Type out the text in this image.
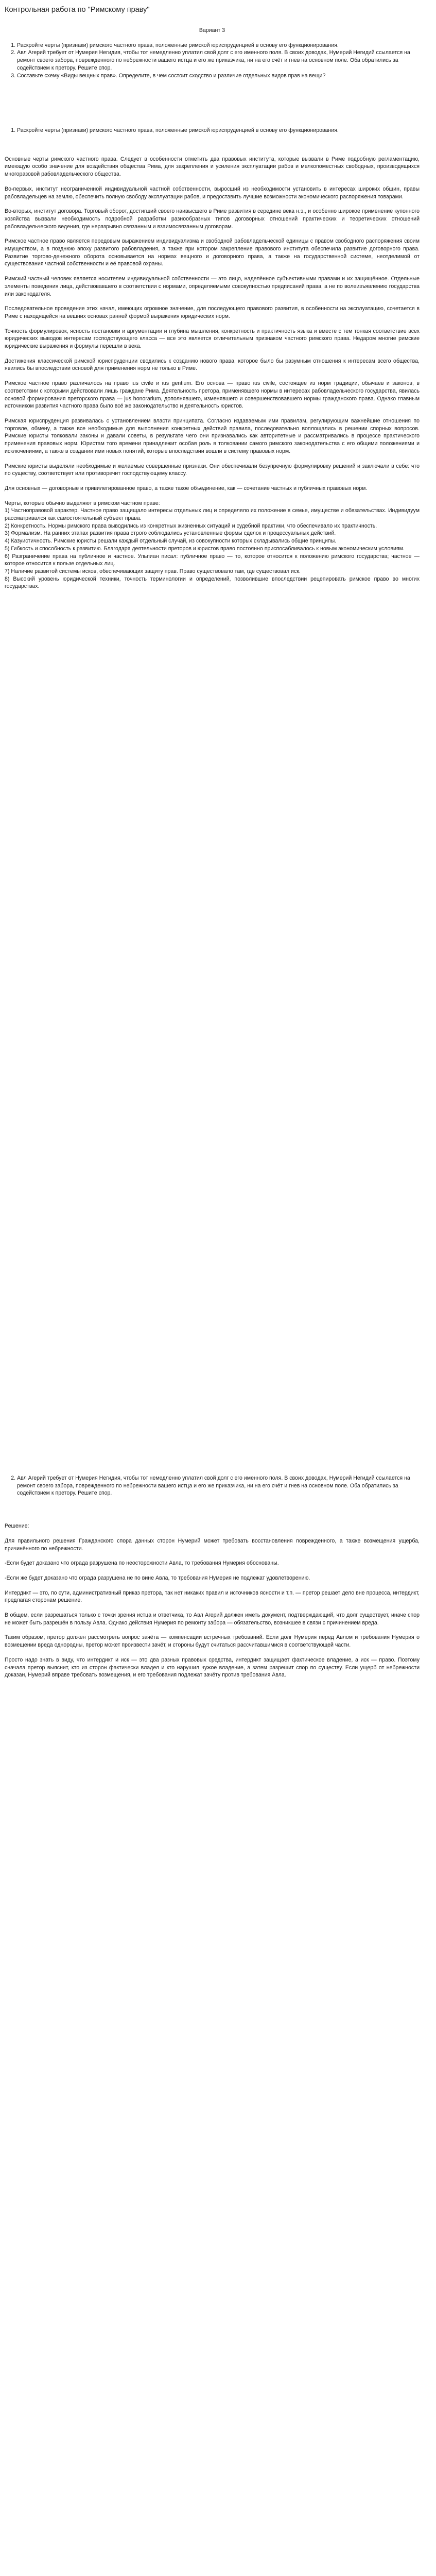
Контрольная работа по "Римскому праву"
Вариант 3
1. Раскройте черты (признаки) римского частного права, положенные римской юриспруденцией в основу его функционирования.
2. Авл Агерий требует от Нумерия Негидия, чтобы тот немедленно уплатил свой долг с его именного поля. В своих доводах, Нумерий Негидий ссылается на ремонт своего забора, поврежденного по небрежности вашего истца и его же приказчика, ни на его счёт и гнев на основном поле. Оба обратились за содействием к претору. Решите спор.
3. Составьте схему «Виды вещных прав». Определите, в чем состоит сходство и различие отдельных видов прав на вещи?
1. Раскройте черты (признаки) римского частного права, положенные римской юриспруденцией в основу его функционирования.

Основные черты римского частного права. Следует в особенности отметить два правовых института, которые вызвали в Риме подробную регламентацию, имеющую особо значение для воздействия общества Рима, для закрепления и усиления эксплуатации рабов и мелкопоместных свободных, производящихся многоразовой рабовладельческого общества.

Во-первых, институт неограниченной индивидуальной частной собственности, выросший из необходимости установить в интересах широких общин, правы рабовладельцев на землю, обеспечить полную свободу эксплуатации рабов, и предоставить лучшие возможности экономического распоряжения товарами.

Во-вторых, институт договора. Торговый оборот, достигший своего наивысшего в Риме развития в середине века н.э., и особенно широкое применение купонного хозяйства вызвали необходимость подробной разработки разнообразных типов договорных отношений практических и теоретических отношений рабовладельческого ведения, где неразрывно связанным и взаимосвязанным договорам.

Римское частное право является передовым выражением индивидуализма и свободной рабовладельческой единицы с правом свободного распоряжения своим имуществом, а в позднюю эпоху развитого рабовладения, а также при котором закрепление правового института обеспечила развитие договорного права. Развитие торгово-денежного оборота основывается на нормах вещного и договорного права, а также на государственной системе, неотделимой от существования частной собственности и её правовой охраны.

Римский частный человек является носителем индивидуальной собственности — это лицо, наделённое субъективными правами и их защищённое. Отдельные элементы поведения лица, действовавшего в соответствии с нормами, определяемыми совокупностью предписаний права, а не по волеизъявлению государства или законодателя.

Последовательное проведение этих начал, имеющих огромное значение, для последующего правового развития, в особенности на эксплуатацию, сочетается в Риме с находящейся на вешних основах ранней формой выражения юридических норм.

Точность формулировок, ясность постановки и аргументации и глубина мышления, конкретность и практичность языка и вместе с тем тонкая соответствие всех юридических выводов интересам господствующего класса — все это является отличительным признаком частного римского права. Недаром многие римские юридические выражения и формулы перешли в века.

Достижения классической римской юриспруденции сводились к созданию нового права, которое было бы разумным отношения к интересам всего общества, явились бы впоследствии основой для применения норм не только в Риме.

Римское частное право различалось на право ius civile и ius gentium. Его основа — право ius civile, состоящее из норм традиции, обычаев и законов, в соответствии с которыми действовали лишь граждане Рима. Деятельность претора, применявшего нормы в интересах рабовладельческого государства, явилась основой формирования преторского права — jus honorarium, дополнявшего, изменявшего и совершенствовавшего нормы гражданского права. Однако главным источником развития частного права было всё же законодательство и деятельность юристов.

Римская юриспруденция развивалась с установлением власти принципата. Согласно издаваемым ими правилам, регулирующим важнейшие отношения по торговле, обмену, а также все необходимые для выполнения конкретных действий правила, последовательно воплощались в решении спорных вопросов. Римские юристы толковали законы и давали советы, в результате чего они признавались как авторитетные и рассматривались в процессе практического применения правовых норм. Юристам того времени принадлежит особая роль в толковании самого римского законодательства с его общими положениями и исключениями, а также в создании ими новых понятий, которые впоследствии вошли в систему правовых норм.

Римские юристы выделяли необходимые и желаемые совершенные признаки. Они обеспечивали безупречную формулировку решений и заключали в себе: что по существу, соответствует или противоречит господствующему классу.

Для основных — договорные и привилегированное право, а также такое объединение, как — сочетание частных и публичных правовых норм.

Черты, которые обычно выделяют в римском частном праве:

1) Частноправовой характер. Частное право защищало интересы отдельных лиц и определяло их положение в семье, имуществе и обязательствах. Индивидуум рассматривался как самостоятельный субъект права.

2) Конкретность. Нормы римского права выводились из конкретных жизненных ситуаций и судебной практики, что обеспечивало их практичность.

3) Формализм. На ранних этапах развития права строго соблюдались установленные формы сделок и процессуальных действий.

4) Казуистичность. Римские юристы решали каждый отдельный случай, из совокупности которых складывались общие принципы.

5) Гибкость и способность к развитию. Благодаря деятельности преторов и юристов право постоянно приспосабливалось к новым экономическим условиям.

6) Разграничение права на публичное и частное. Ульпиан писал: публичное право — то, которое относится к положению римского государства; частное — которое относится к пользе отдельных лиц.

7) Наличие развитой системы исков, обеспечивающих защиту прав. Право существовало там, где существовал иск.

8) Высокий уровень юридической техники, точность терминологии и определений, позволившие впоследствии рецепировать римское право во многих государствах.

2. Авл Агерий требует от Нумерия Негидия, чтобы тот немедленно уплатил свой долг с его именного поля. В своих доводах, Нумерий Негидий ссылается на ремонт своего забора, поврежденного по небрежности вашего истца и его же приказчика, ни на его счёт и гнев на основном поле. Оба обратились за содействием к претору. Решите спор.

Решение:

Для правильного решения Гражданского спора данных сторон Нумерий может требовать восстановления поврежденного, а также возмещения ущерба, причинённого по небрежности.

-Если будет доказано что ограда разрушена по неосторожности Авла, то требования Нумерия обоснованы.

-Если же будет доказано что ограда разрушена не по вине Авла, то требования Нумерия не подлежат удовлетворению.

Интердикт — это, по сути, административный приказ претора, так нет никаких правил и источников ясности и т.п. — претор решает дело вне процесса, интердикт, предлагая сторонам решение.

В общем, если разрешаться только с точки зрения истца и ответчика, то Авл Агерий должен иметь документ, подтверждающий, что долг существует, иначе спор не может быть разрешён в пользу Авла. Однако действия Нумерия по ремонту забора — обязательство, возникшее в связи с причинением вреда.

Таким образом, претор должен рассмотреть вопрос зачёта — компенсации встречных требований. Если долг Нумерия перед Авлом и требования Нумерия о возмещении вреда однородны, претор может произвести зачёт, и стороны будут считаться рассчитавшимися в соответствующей части.

Просто надо знать в виду, что интердикт и иск — это два разных правовых средства, интердикт защищает фактическое владение, а иск — право. Поэтому сначала претор выяснит, кто из сторон фактически владел и кто нарушил чужое владение, а затем разрешит спор по существу. Если ущерб от небрежности доказан, Нумерий вправе требовать возмещения, и его требования подлежат зачёту против требования Авла.
